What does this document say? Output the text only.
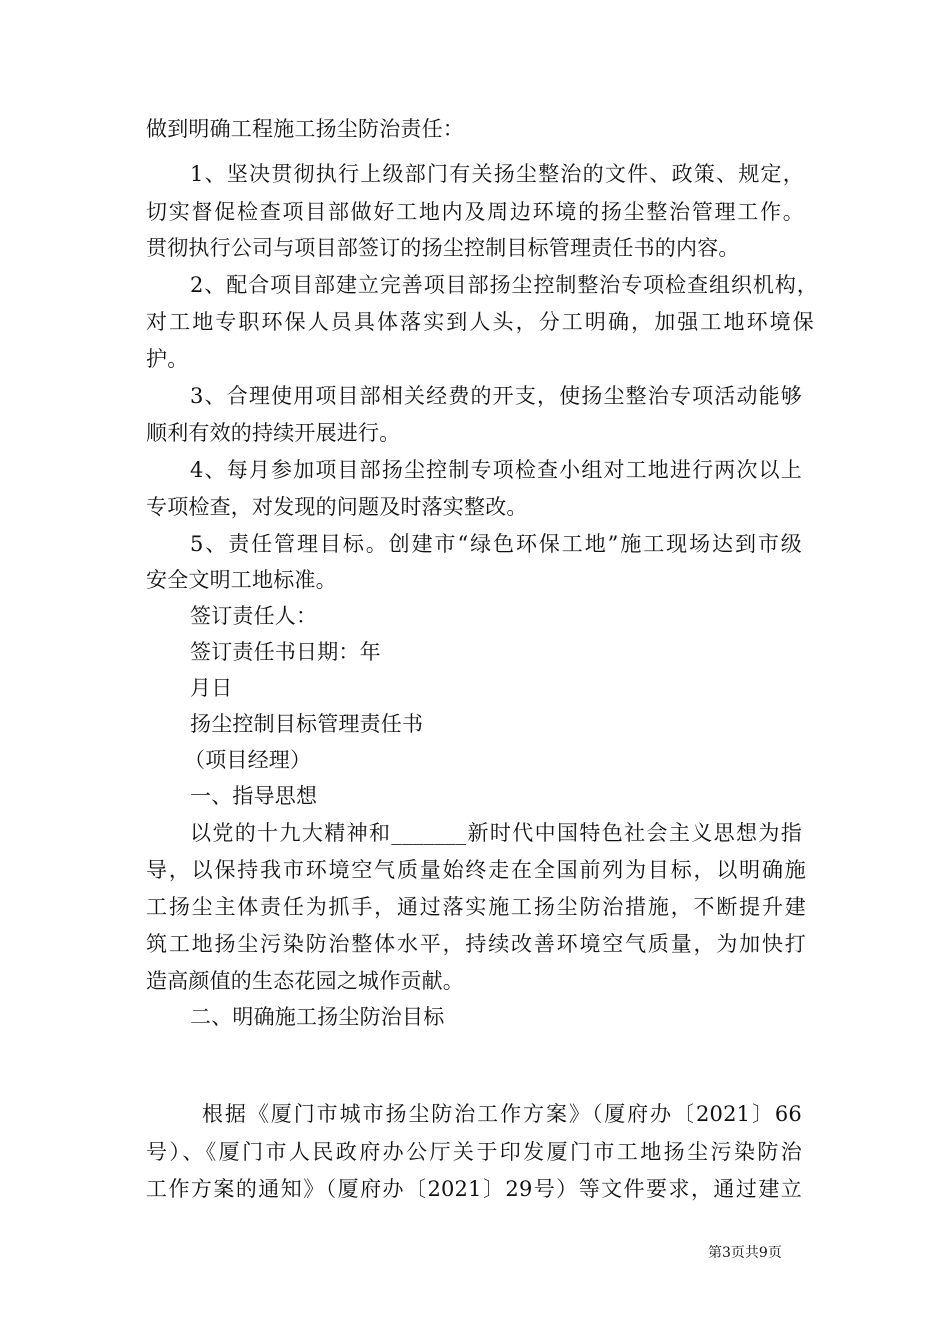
做到明确工程施工扬尘防治责任：
1、坚决贯彻执行上级部门有关扬尘整治的文件、政策、规定，
切实督促检查项目部做好工地内及周边环境的扬尘整治管理工作。
贯彻执行公司与项目部签订的扬尘控制目标管理责任书的内容。
2、配合项目部建立完善项目部扬尘控制整治专项检查组织机构，
对工地专职环保人员具体落实到人头，分工明确，加强工地环境保
护。
3、合理使用项目部相关经费的开支，使扬尘整治专项活动能够
顺利有效的持续开展进行。
4、每月参加项目部扬尘控制专项检查小组对工地进行两次以上
专项检查，对发现的问题及时落实整改。
5、责任管理目标。创建市“绿色环保工地”施工现场达到市级
安全文明工地标准。
签订责任人：
签订责任书日期：年
月日
扬尘控制目标管理责任书
（项目经理）
一、指导思想
以党的十九大精神和_______新时代中国特色社会主义思想为指
导，以保持我市环境空气质量始终走在全国前列为目标，以明确施
工扬尘主体责任为抓手，通过落实施工扬尘防治措施，不断提升建
筑工地扬尘污染防治整体水平，持续改善环境空气质量，为加快打
造高颜值的生态花园之城作贡献。
二、明确施工扬尘防治目标
根据《厦门市城市扬尘防治工作方案》（厦府办〔2021〕66
号）、《厦门市人民政府办公厅关于印发厦门市工地扬尘污染防治
工作方案的通知》（厦府办〔2021〕29号）等文件要求，通过建立
第3页共9页
